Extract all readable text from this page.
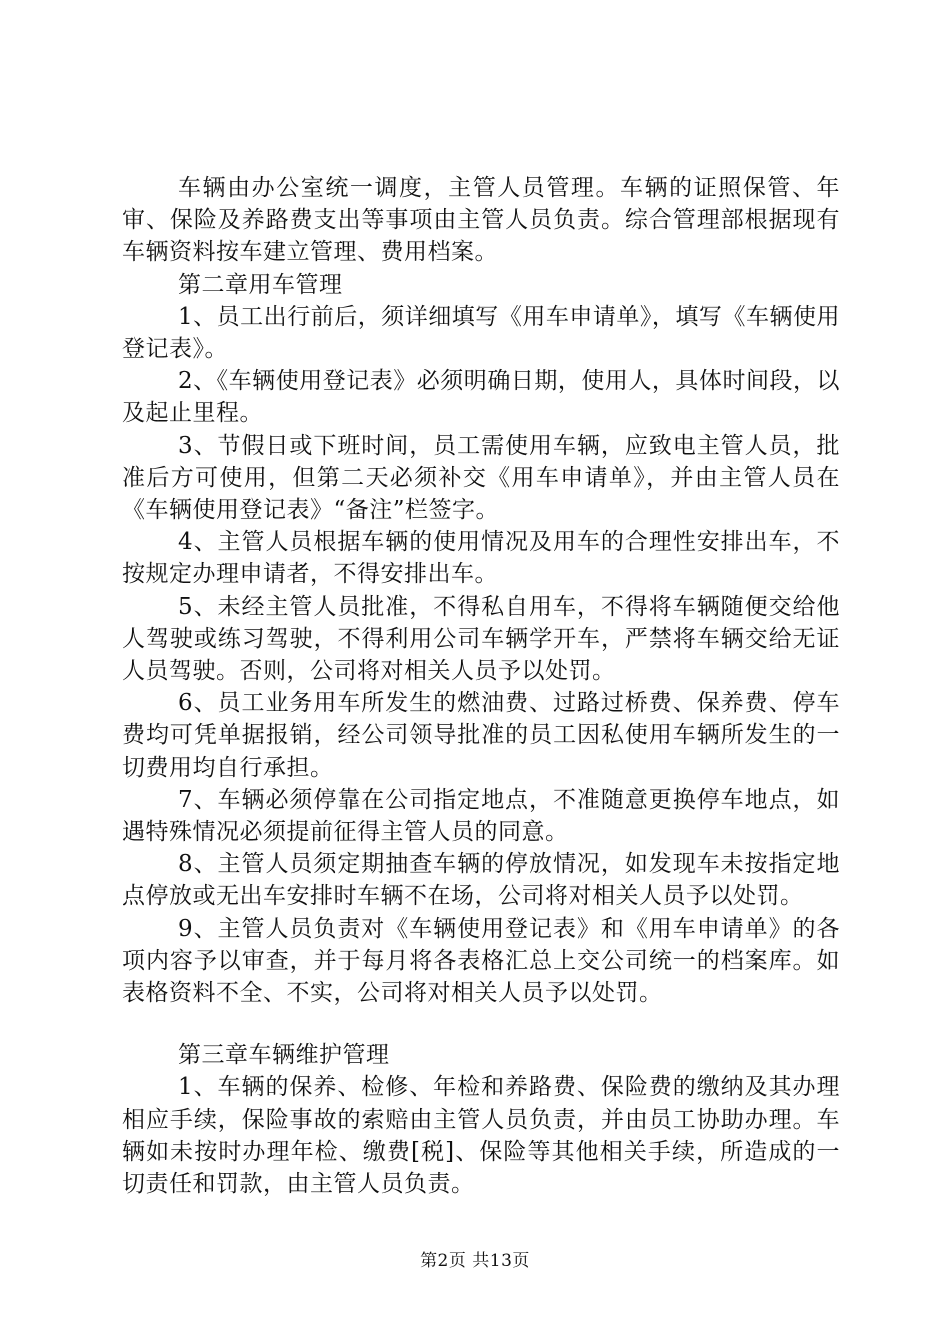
车辆由办公室统一调度，主管人员管理。车辆的证照保管、年审、保险及养路费支出等事项由主管人员负责。综合管理部根据现有车辆资料按车建立管理、费用档案。

第二章用车管理

1、员工出行前后，须详细填写《用车申请单》，填写《车辆使用登记表》。

2、《车辆使用登记表》必须明确日期，使用人，具体时间段，以及起止里程。

3、节假日或下班时间，员工需使用车辆，应致电主管人员，批准后方可使用，但第二天必须补交《用车申请单》，并由主管人员在《车辆使用登记表》“备注”栏签字。

4、主管人员根据车辆的使用情况及用车的合理性安排出车，不按规定办理申请者，不得安排出车。

5、未经主管人员批准，不得私自用车，不得将车辆随便交给他人驾驶或练习驾驶，不得利用公司车辆学开车，严禁将车辆交给无证人员驾驶。否则，公司将对相关人员予以处罚。

6、员工业务用车所发生的燃油费、过路过桥费、保养费、停车费均可凭单据报销，经公司领导批准的员工因私使用车辆所发生的一切费用均自行承担。

7、车辆必须停靠在公司指定地点，不准随意更换停车地点，如遇特殊情况必须提前征得主管人员的同意。

8、主管人员须定期抽查车辆的停放情况，如发现车未按指定地点停放或无出车安排时车辆不在场，公司将对相关人员予以处罚。

9、主管人员负责对《车辆使用登记表》和《用车申请单》的各项内容予以审查，并于每月将各表格汇总上交公司统一的档案库。如表格资料不全、不实，公司将对相关人员予以处罚。

第三章车辆维护管理

1、车辆的保养、检修、年检和养路费、保险费的缴纳及其办理相应手续，保险事故的索赔由主管人员负责，并由员工协助办理。车辆如未按时办理年检、缴费[税]、保险等其他相关手续，所造成的一切责任和罚款，由主管人员负责。

第2页 共13页
